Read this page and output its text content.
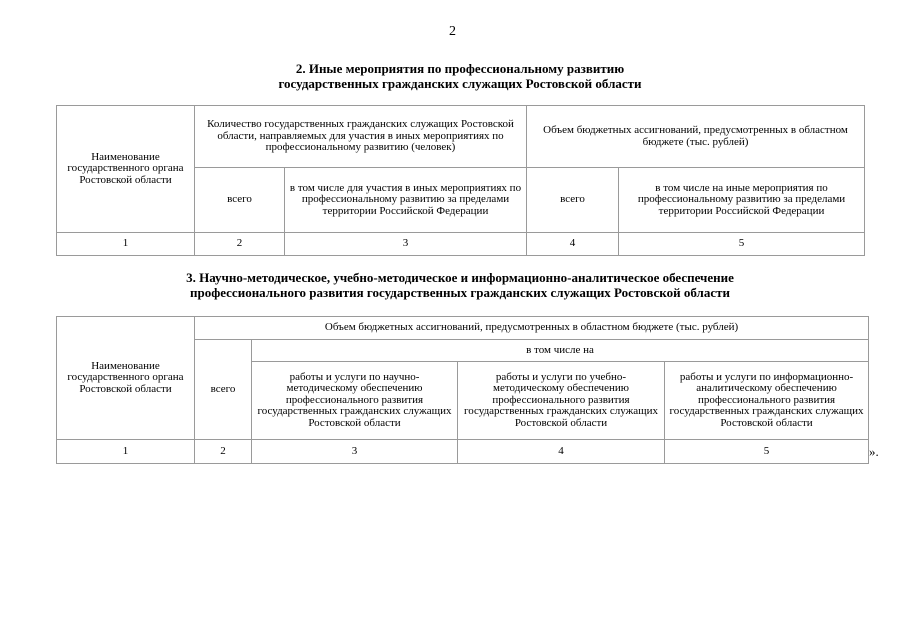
2
2. Иные мероприятия по профессиональному развитию
государственных гражданских служащих Ростовской области
Наименование государственного органа Ростовской области	Количество государственных гражданских служащих Ростовской области, направляемых для участия в иных мероприятиях по профессиональному развитию (человек)		Объем бюджетных ассигнований, предусмотренных в областном бюджете (тыс. рублей)	
	всего	в том числе для участия в иных мероприятиях по профессиональному развитию за пределами территории Российской Федерации	всего	в том числе на иные мероприятия по профессиональному развитию за пределами территории Российской Федерации
1	2	3	4	5
3. Научно-методическое, учебно-методическое и информационно-аналитическое обеспечение
профессионального развития государственных гражданских служащих Ростовской области
Наименование государственного органа Ростовской области	Объем бюджетных ассигнований, предусмотренных в областном бюджете (тыс. рублей)			
	всего	в том числе на		
		работы и услуги по научно-методическому обеспечению профессионального развития государственных гражданских служащих Ростовской области	работы и услуги по учебно-методическому обеспечению профессионального развития государственных гражданских служащих Ростовской области	работы и услуги по информационно-аналитическому обеспечению профессионального развития государственных гражданских служащих Ростовской области
1	2	3	4	5	».
